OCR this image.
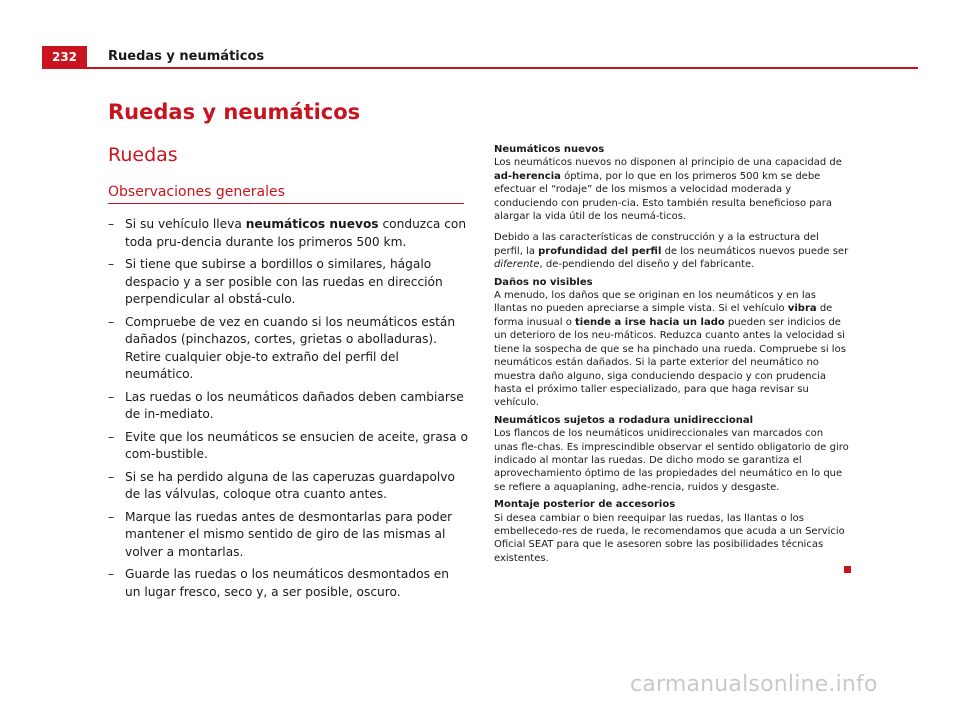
232	Ruedas y neumáticos
Ruedas y neumáticos
Ruedas
Observaciones generales
– Si su vehículo lleva neumáticos nuevos conduzca con toda pru-dencia durante los primeros 500 km.
– Si tiene que subirse a bordillos o similares, hágalo despacio y a ser posible con las ruedas en dirección perpendicular al obstá-culo.
– Compruebe de vez en cuando si los neumáticos están dañados (pinchazos, cortes, grietas o abolladuras). Retire cualquier obje-to extraño del perfil del neumático.
– Las ruedas o los neumáticos dañados deben cambiarse de in-mediato.
– Evite que los neumáticos se ensucien de aceite, grasa o com-bustible.
– Si se ha perdido alguna de las caperuzas guardapolvo de las válvulas, coloque otra cuanto antes.
– Marque las ruedas antes de desmontarlas para poder mantener el mismo sentido de giro de las mismas al volver a montarlas.
– Guarde las ruedas o los neumáticos desmontados en un lugar fresco, seco y, a ser posible, oscuro.

Neumáticos nuevos

Los neumáticos nuevos no disponen al principio de una capacidad de ad-herencia óptima, por lo que en los primeros 500 km se debe efectuar el “rodaje” de los mismos a velocidad moderada y conduciendo con pruden-cia. Esto también resulta beneficioso para alargar la vida útil de los neumá-ticos.

Debido a las características de construcción y a la estructura del perfil, la profundidad del perfil de los neumáticos nuevos puede ser diferente, de-pendiendo del diseño y del fabricante.

Daños no visibles

A menudo, los daños que se originan en los neumáticos y en las llantas no pueden apreciarse a simple vista. Si el vehículo vibra de forma inusual o tiende a irse hacia un lado pueden ser indicios de un deterioro de los neu-máticos. Reduzca cuanto antes la velocidad si tiene la sospecha de que se ha pinchado una rueda. Compruebe si los neumáticos están dañados. Si la parte exterior del neumático no muestra daño alguno, siga conduciendo despacio y con prudencia hasta el próximo taller especializado, para que haga revisar su vehículo.

Neumáticos sujetos a rodadura unidireccional

Los flancos de los neumáticos unidireccionales van marcados con unas fle-chas. Es imprescindible observar el sentido obligatorio de giro indicado al montar las ruedas. De dicho modo se garantiza el aprovechamiento óptimo de las propiedades del neumático en lo que se refiere a aquaplaning, adhe-rencia, ruidos y desgaste.

Montaje posterior de accesorios

Si desea cambiar o bien reequipar las ruedas, las llantas o los embellecedo-res de rueda, le recomendamos que acuda a un Servicio Oficial SEAT para que le asesoren sobre las posibilidades técnicas existentes.

carmanualsonline.info
